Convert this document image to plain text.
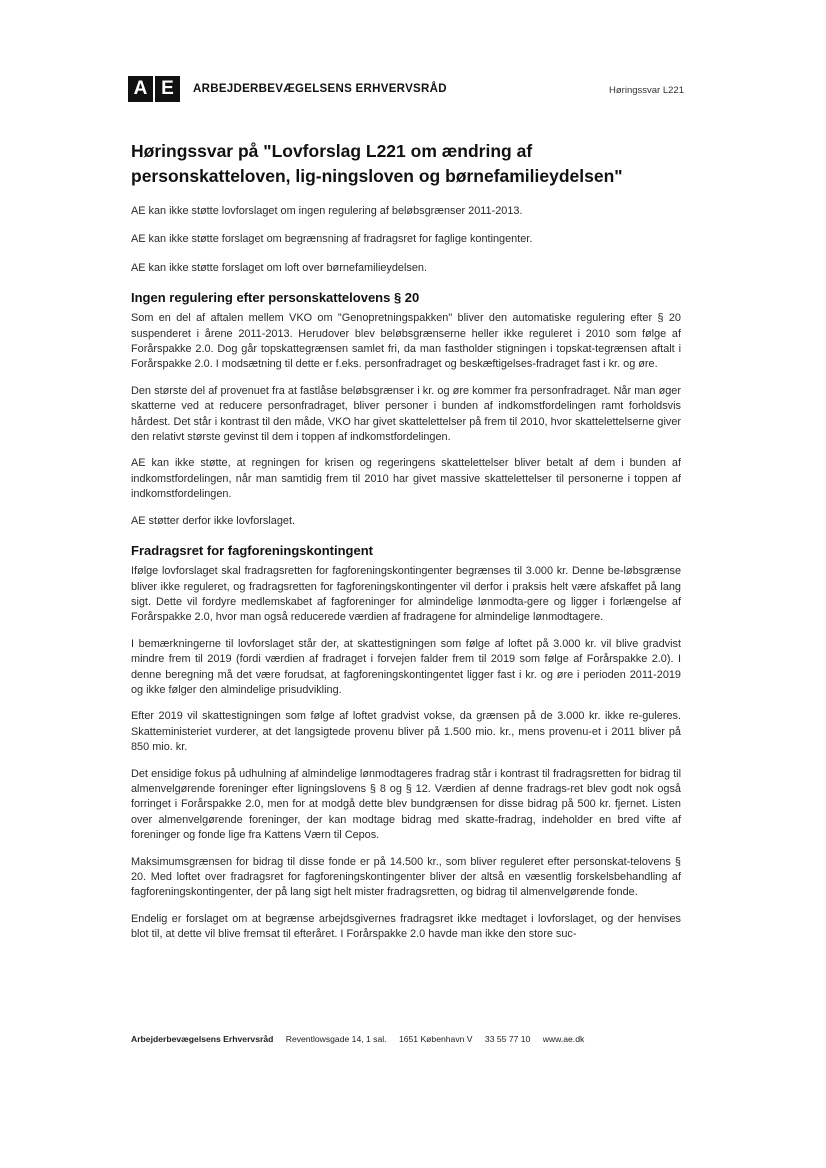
A E	ARBEJDERBEVÆGELSENS ERHVERVSRÅD	Høringssvar L221
Høringssvar på "Lovforslag L221 om ændring af personskatteloven, lig-ningsloven og børnefamilieydelsen"

AE kan ikke støtte lovforslaget om ingen regulering af beløbsgrænser 2011-2013.

AE kan ikke støtte forslaget om begrænsning af fradragsret for faglige kontingenter.

AE kan ikke støtte forslaget om loft over børnefamilieydelsen.

Ingen regulering efter personskattelovens § 20

Som en del af aftalen mellem VKO om "Genopretningspakken" bliver den automatiske regulering efter § 20 suspenderet i årene 2011-2013. Herudover blev beløbsgrænserne heller ikke reguleret i 2010 som følge af Forårspakke 2.0. Dog går topskattegrænsen samlet fri, da man fastholder stigningen i topskat-tegrænsen aftalt i Forårspakke 2.0. I modsætning til dette er f.eks. personfradraget og beskæftigelses-fradraget fast i kr. og øre.

Den største del af provenuet fra at fastlåse beløbsgrænser i kr. og øre kommer fra personfradraget. Når man øger skatterne ved at reducere personfradraget, bliver personer i bunden af indkomstfordelingen ramt forholdsvis hårdest. Det står i kontrast til den måde, VKO har givet skattelettelser på frem til 2010, hvor skattelettelserne giver den relativt største gevinst til dem i toppen af indkomstfordelingen.

AE kan ikke støtte, at regningen for krisen og regeringens skattelettelser bliver betalt af dem i bunden af indkomstfordelingen, når man samtidig frem til 2010 har givet massive skattelettelser til personerne i toppen af indkomstfordelingen.

AE støtter derfor ikke lovforslaget.

Fradragsret for fagforeningskontingent

Ifølge lovforslaget skal fradragsretten for fagforeningskontingenter begrænses til 3.000 kr. Denne be-løbsgrænse bliver ikke reguleret, og fradragsretten for fagforeningskontingenter vil derfor i praksis helt være afskaffet på lang sigt. Dette vil fordyre medlemskabet af fagforeninger for almindelige lønmodta-gere og ligger i forlængelse af Forårspakke 2.0, hvor man også reducerede værdien af fradragene for almindelige lønmodtagere.

I bemærkningerne til lovforslaget står der, at skattestigningen som følge af loftet på 3.000 kr. vil blive gradvist mindre frem til 2019 (fordi værdien af fradraget i forvejen falder frem til 2019 som følge af Forårspakke 2.0). I denne beregning må det være forudsat, at fagforeningskontingentet ligger fast i kr. og øre i perioden 2011-2019 og ikke følger den almindelige prisudvikling.

Efter 2019 vil skattestigningen som følge af loftet gradvist vokse, da grænsen på de 3.000 kr. ikke re-guleres. Skatteministeriet vurderer, at det langsigtede provenu bliver på 1.500 mio. kr., mens provenu-et i 2011 bliver på 850 mio. kr.

Det ensidige fokus på udhulning af almindelige lønmodtageres fradrag står i kontrast til fradragsretten for bidrag til almenvelgørende foreninger efter ligningslovens § 8 og § 12. Værdien af denne fradrags-ret blev godt nok også forringet i Forårspakke 2.0, men for at modgå dette blev bundgrænsen for disse bidrag på 500 kr. fjernet. Listen over almenvelgørende foreninger, der kan modtage bidrag med skatte-fradrag, indeholder en bred vifte af foreninger og fonde lige fra Kattens Værn til Cepos.

Maksimumsgrænsen for bidrag til disse fonde er på 14.500 kr., som bliver reguleret efter personskat-telovens § 20. Med loftet over fradragsret for fagforeningskontingenter bliver der altså en væsentlig forskelsbehandling af fagforeningskontingenter, der på lang sigt helt mister fradragsretten, og bidrag til almenvelgørende fonde.

Endelig er forslaget om at begrænse arbejdsgivernes fradragsret ikke medtaget i lovforslaget, og der henvises blot til, at dette vil blive fremsat til efteråret. I Forårspakke 2.0 havde man ikke den store suc-

Arbejderbevægelsens Erhvervsråd Reventlowsgade 14, 1 sal. 1651 København V 33 55 77 10 www.ae.dk
